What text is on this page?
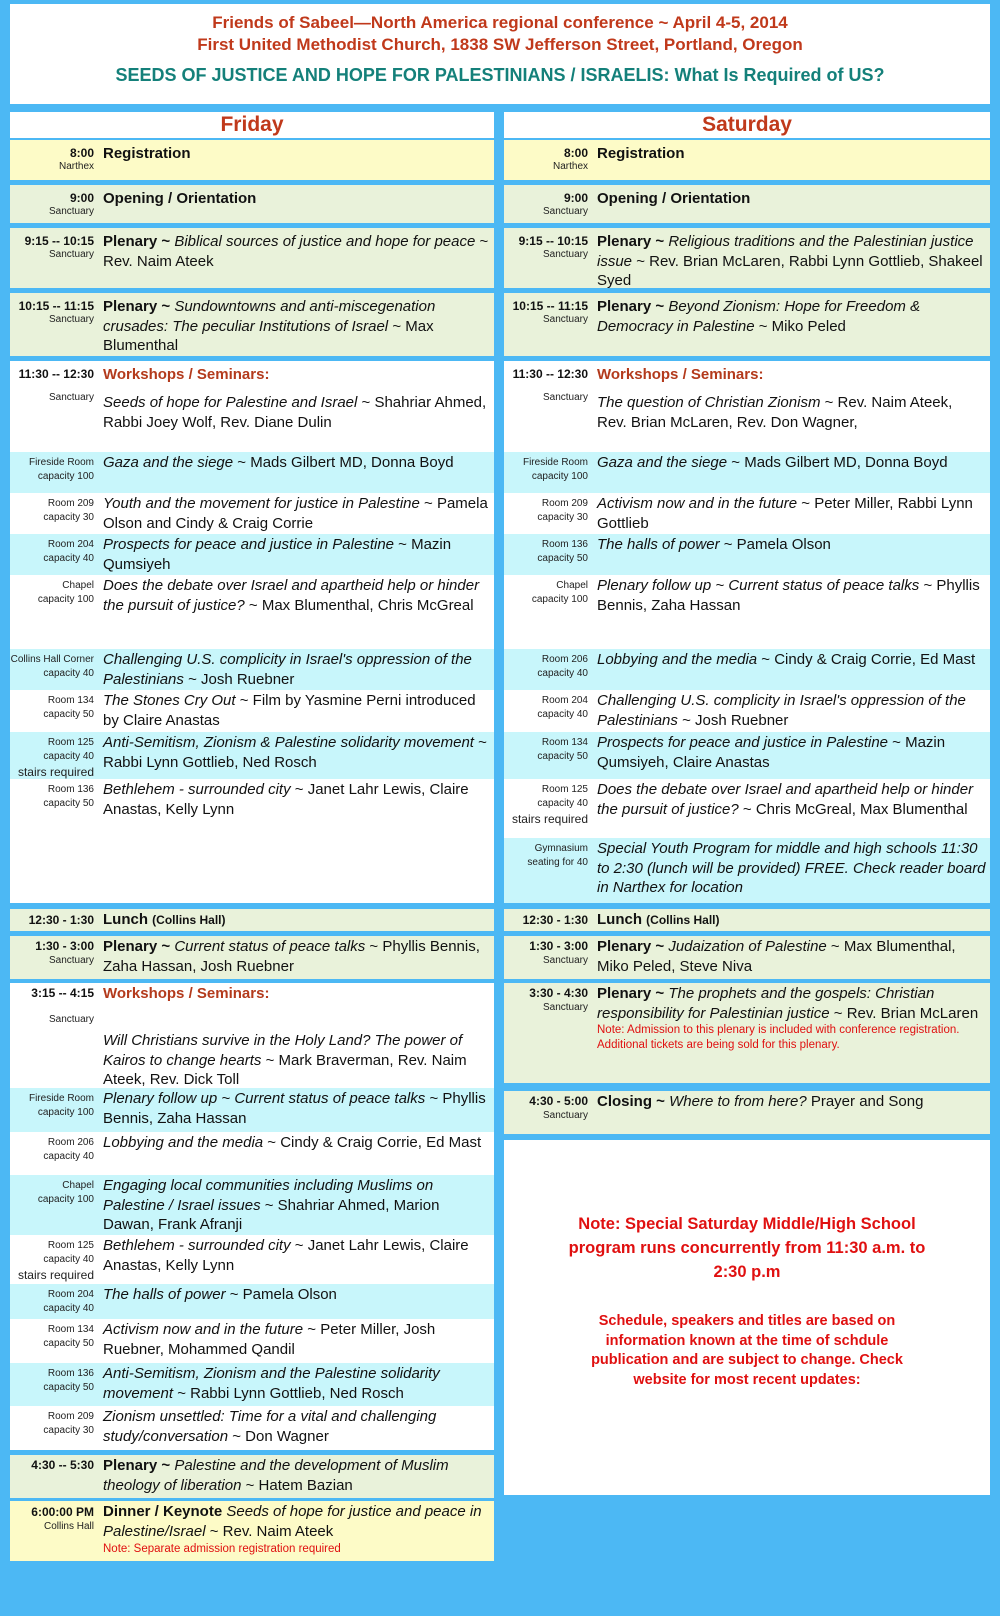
Friends of Sabeel—North America regional conference ~ April 4-5, 2014
First United Methodist Church, 1838 SW Jefferson Street, Portland, Oregon
SEEDS OF JUSTICE AND HOPE FOR PALESTINIANS / ISRAELIS: What Is Required of US?
Friday
8:00
Narthex
Registration
9:00
Sanctuary
Opening / Orientation
9:15 -- 10:15
Sanctuary
Plenary ~ Biblical sources of justice and hope for peace ~ Rev. Naim Ateek
10:15 -- 11:15
Sanctuary
Plenary ~ Sundowntowns and anti-miscegenation crusades: The peculiar Institutions of Israel ~ Max Blumenthal
11:30 -- 12:30 Workshops / Seminars:
Sanctuary Seeds of hope for Palestine and Israel ~ Shahriar Ahmed, Rabbi Joey Wolf, Rev. Diane Dulin
Fireside Room
capacity 100
Gaza and the siege ~ Mads Gilbert MD, Donna Boyd
Room 209
capacity 30
Youth and the movement for justice in Palestine ~ Pamela Olson and Cindy & Craig Corrie
Room 204
capacity 40
Prospects for peace and justice in Palestine ~ Mazin Qumsiyeh
Chapel
capacity 100
Does the debate over Israel and apartheid help or hinder the pursuit of justice? ~ Max Blumenthal, Chris McGreal
Collins Hall Corner
capacity 40
Challenging U.S. complicity in Israel's oppression of the Palestinians ~ Josh Ruebner
Room 134
capacity 50
The Stones Cry Out ~ Film by Yasmine Perni introduced by Claire Anastas
Room 125
capacity 40
stairs required
Anti-Semitism, Zionism & Palestine solidarity movement ~ Rabbi Lynn Gottlieb, Ned Rosch
Room 136
capacity 50
Bethlehem - surrounded city ~ Janet Lahr Lewis, Claire Anastas, Kelly Lynn
12:30 - 1:30 Lunch (Collins Hall)
1:30 - 3:00
Sanctuary
Plenary ~ Current status of peace talks ~ Phyllis Bennis, Zaha Hassan, Josh Ruebner
3:15 -- 4:15 Workshops / Seminars:
Sanctuary
Will Christians survive in the Holy Land? The power of Kairos to change hearts ~ Mark Braverman, Rev. Naim Ateek, Rev. Dick Toll
Fireside Room
capacity 100
Plenary follow up ~ Current status of peace talks ~ Phyllis Bennis, Zaha Hassan
Room 206
capacity 40
Lobbying and the media ~ Cindy & Craig Corrie, Ed Mast
Chapel
capacity 100
Engaging local communities including Muslims on Palestine / Israel issues ~ Shahriar Ahmed, Marion Dawan, Frank Afranji
Room 125
capacity 40
stairs required
Bethlehem - surrounded city ~ Janet Lahr Lewis, Claire Anastas, Kelly Lynn
Room 204
capacity 40
The halls of power ~ Pamela Olson
Room 134
capacity 50
Activism now and in the future ~ Peter Miller, Josh Ruebner, Mohammed Qandil
Room 136
capacity 50
Anti-Semitism, Zionism and the Palestine solidarity movement ~ Rabbi Lynn Gottlieb, Ned Rosch
Room 209
capacity 30
Zionism unsettled: Time for a vital and challenging study/conversation ~ Don Wagner
4:30 -- 5:30 Plenary ~ Palestine and the development of Muslim theology of liberation ~ Hatem Bazian
6:00:00 PM
Collins Hall
Dinner / Keynote Seeds of hope for justice and peace in Palestine/Israel ~ Rev. Naim Ateek
Note: Separate admission registration required
Saturday
8:00
Narthex
Registration
9:00
Sanctuary
Opening / Orientation
9:15 -- 10:15
Sanctuary
Plenary ~ Religious traditions and the Palestinian justice issue ~ Rev. Brian McLaren, Rabbi Lynn Gottlieb, Shakeel Syed
10:15 -- 11:15
Sanctuary
Plenary ~ Beyond Zionism: Hope for Freedom & Democracy in Palestine ~ Miko Peled
11:30 -- 12:30 Workshops / Seminars:
Sanctuary The question of Christian Zionism ~ Rev. Naim Ateek, Rev. Brian McLaren, Rev. Don Wagner,
Fireside Room
capacity 100
Gaza and the siege ~ Mads Gilbert MD, Donna Boyd
Room 209
capacity 30
Activism now and in the future ~ Peter Miller, Rabbi Lynn Gottlieb
Room 136
capacity 50
The halls of power ~ Pamela Olson
Chapel
capacity 100
Plenary follow up ~ Current status of peace talks ~ Phyllis Bennis, Zaha Hassan
Room 206
capacity 40
Lobbying and the media ~ Cindy & Craig Corrie, Ed Mast
Room 204
capacity 40
Challenging U.S. complicity in Israel's oppression of the Palestinians ~ Josh Ruebner
Room 134
capacity 50
Prospects for peace and justice in Palestine ~ Mazin Qumsiyeh, Claire Anastas
Room 125
capacity 40
stairs required
Does the debate over Israel and apartheid help or hinder the pursuit of justice? ~ Chris McGreal, Max Blumenthal
Gymnasium
seating for 40
Special Youth Program for middle and high schools 11:30 to 2:30 (lunch will be provided) FREE. Check reader board in Narthex for location
12:30 - 1:30 Lunch (Collins Hall)
1:30 - 3:00
Sanctuary
Plenary ~ Judaization of Palestine ~ Max Blumenthal, Miko Peled, Steve Niva
3:30 - 4:30
Sanctuary
Plenary ~ The prophets and the gospels: Christian responsibility for Palestinian justice ~ Rev. Brian McLaren
Note: Admission to this plenary is included with conference registration. Additional tickets are being sold for this plenary.
4:30 - 5:00
Sanctuary
Closing ~ Where to from here? Prayer and Song
Note: Special Saturday Middle/High School program runs concurrently from 11:30 a.m. to 2:30 p.m
Schedule, speakers and titles are based on information known at the time of schdule publication and are subject to change. Check website for most recent updates:
